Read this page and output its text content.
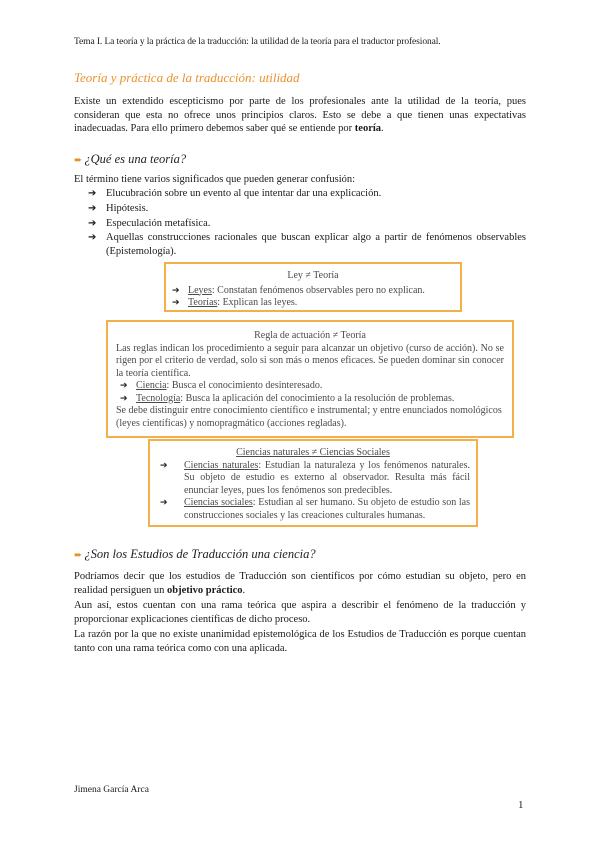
Tema I. La teoría y la práctica de la traducción: la utilidad de la teoría para el traductor profesional.
Teoría y práctica de la traducción: utilidad
Existe un extendido escepticismo por parte de los profesionales ante la utilidad de la teoría, pues consideran que esta no ofrece unos principios claros. Esto se debe a que tienen unas expectativas inadecuadas. Para ello primero debemos saber qué se entiende por teoría.
➨ ¿Qué es una teoría?
El término tiene varios significados que pueden generar confusión:
➔ Elucubración sobre un evento al que intentar dar una explicación.
➔ Hipótesis.
➔ Especulación metafísica.
➔ Aquellas construcciones racionales que buscan explicar algo a partir de fenómenos observables (Epistemología).
Ley ≠ Teoría
➔ Leyes: Constatan fenómenos observables pero no explican.
➔ Teorías: Explican las leyes.
Regla de actuación ≠ Teoría
Las reglas indican los procedimiento a seguir para alcanzar un objetivo (curso de acción). No se rigen por el criterio de verdad, solo si son más o menos eficaces. Se pueden dominar sin conocer la teoría científica.
➔ Ciencia: Busca el conocimiento desinteresado.
➔ Tecnología: Busca la aplicación del conocimiento a la resolución de problemas.
Se debe distinguir entre conocimiento científico e instrumental; y entre enunciados nomológicos (leyes científicas) y nomopragmático (acciones regladas).
Ciencias naturales ≠ Ciencias Sociales
➔ Ciencias naturales: Estudian la naturaleza y los fenómenos naturales. Su objeto de estudio es externo al observador. Resulta más fácil enunciar leyes, pues los fenómenos son predecibles.
➔ Ciencias sociales: Estudian al ser humano. Su objeto de estudio son las construcciones sociales y las creaciones culturales humanas.
➨ ¿Son los Estudios de Traducción una ciencia?
Podríamos decir que los estudios de Traducción son científicos por cómo estudian su objeto, pero en realidad persiguen un objetivo práctico.
Aun así, estos cuentan con una rama teórica que aspira a describir el fenómeno de la traducción y proporcionar explicaciones científicas de dicho proceso.
La razón por la que no existe unanimidad epistemológica de los Estudios de Traducción es porque cuentan tanto con una rama teórica como con una aplicada.
Jimena García Arca
1
